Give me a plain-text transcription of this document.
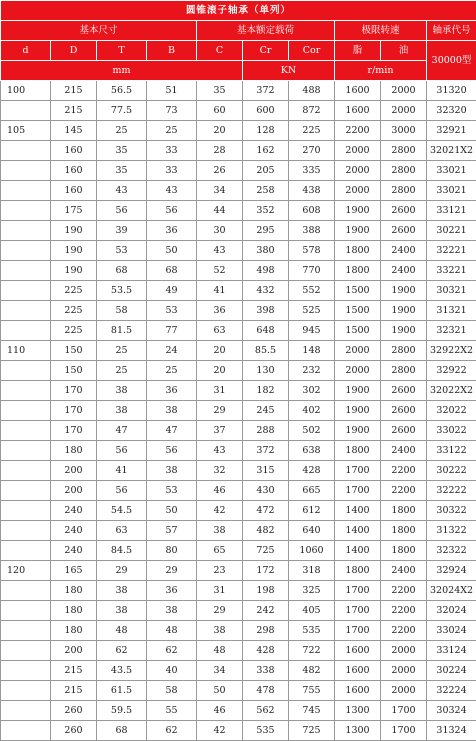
圆锥滚子轴承（单列）									
基本尺寸				基本额定载荷			极限转速		轴承代号
d	D	T	B	C	Cr	Cor	脂	油	30000型
mm					KN		r/min		
100	215	56.5	51	35	372	488	1600	2000	31320
	215	77.5	73	60	600	872	1600	2000	32320
105	145	25	25	20	128	225	2200	3000	32921
	160	35	33	28	162	270	2000	2800	32021X2
	160	35	33	26	205	335	2000	2800	33021
	160	43	43	34	258	438	2000	2800	33021
	175	56	56	44	352	608	1900	2600	33121
	190	39	36	30	295	388	1900	2600	30221
	190	53	50	43	380	578	1800	2400	32221
	190	68	68	52	498	770	1800	2400	33221
	225	53.5	49	41	432	552	1500	1900	30321
	225	58	53	36	398	525	1500	1900	31321
	225	81.5	77	63	648	945	1500	1900	32321
110	150	25	24	20	85.5	148	2000	2800	32922X2
	150	25	25	20	130	232	2000	2800	32922
	170	38	36	31	182	302	1900	2600	32022X2
	170	38	38	29	245	402	1900	2600	32022
	170	47	47	37	288	502	1900	2600	33022
	180	56	56	43	372	638	1800	2400	33122
	200	41	38	32	315	428	1700	2200	30222
	200	56	53	46	430	665	1700	2200	32222
	240	54.5	50	42	472	612	1400	1800	30322
	240	63	57	38	482	640	1400	1800	31322
	240	84.5	80	65	725	1060	1400	1800	32322
120	165	29	29	23	172	318	1800	2400	32924
	180	38	36	31	198	325	1700	2200	32024X2
	180	38	38	29	242	405	1700	2200	32024
	180	48	48	38	298	535	1700	2200	33024
	200	62	62	48	428	722	1600	2000	33124
	215	43.5	40	34	338	482	1600	2000	30224
	215	61.5	58	50	478	755	1600	2000	32224
	260	59.5	55	46	562	745	1300	1700	30324
	260	68	62	42	535	725	1300	1700	31324
